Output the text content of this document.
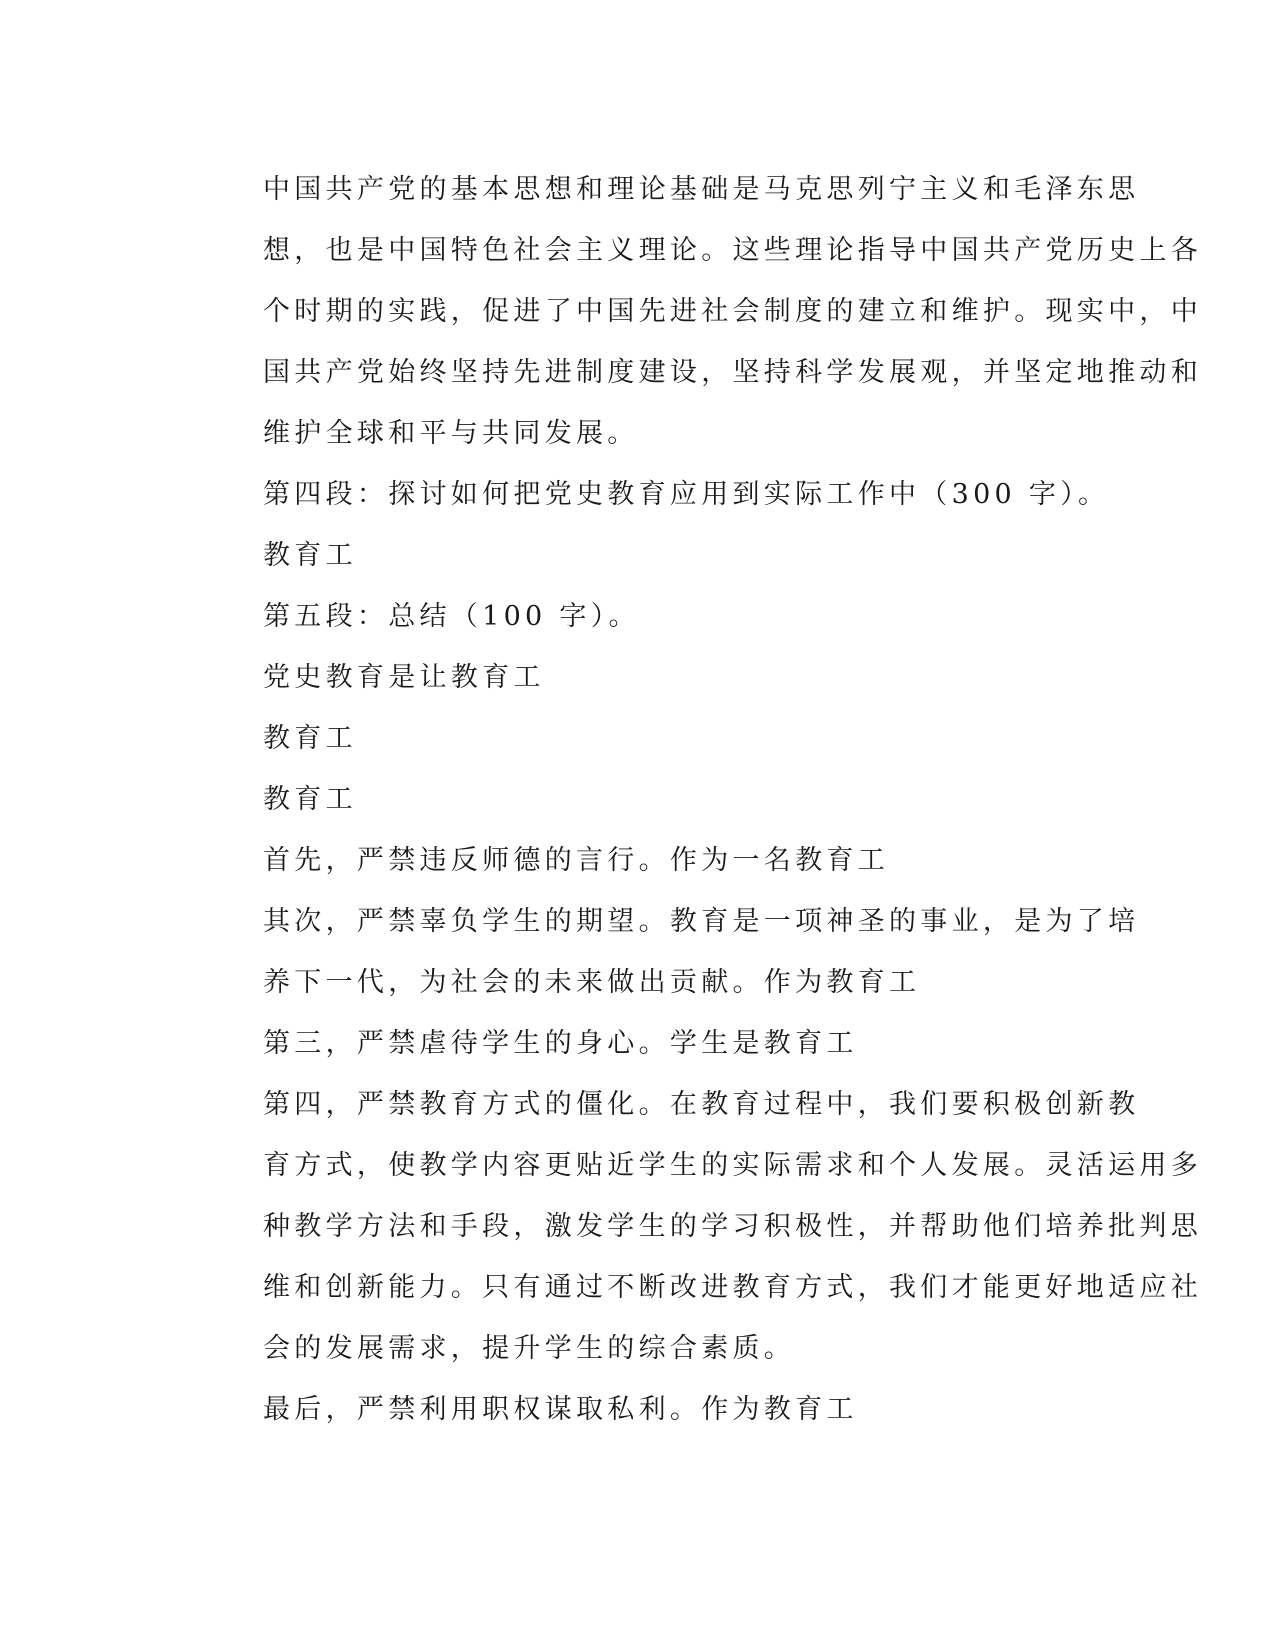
中国共产党的基本思想和理论基础是马克思列宁主义和毛泽东思
想，也是中国特色社会主义理论。这些理论指导中国共产党历史上各
个时期的实践，促进了中国先进社会制度的建立和维护。现实中，中
国共产党始终坚持先进制度建设，坚持科学发展观，并坚定地推动和
维护全球和平与共同发展。

第四段：探讨如何把党史教育应用到实际工作中（300 字）。

教育工

第五段：总结（100 字）。

党史教育是让教育工

教育工

教育工

首先，严禁违反师德的言行。作为一名教育工

其次，严禁辜负学生的期望。教育是一项神圣的事业，是为了培
养下一代，为社会的未来做出贡献。作为教育工

第三，严禁虐待学生的身心。学生是教育工

第四，严禁教育方式的僵化。在教育过程中，我们要积极创新教
育方式，使教学内容更贴近学生的实际需求和个人发展。灵活运用多
种教学方法和手段，激发学生的学习积极性，并帮助他们培养批判思
维和创新能力。只有通过不断改进教育方式，我们才能更好地适应社
会的发展需求，提升学生的综合素质。

最后，严禁利用职权谋取私利。作为教育工
